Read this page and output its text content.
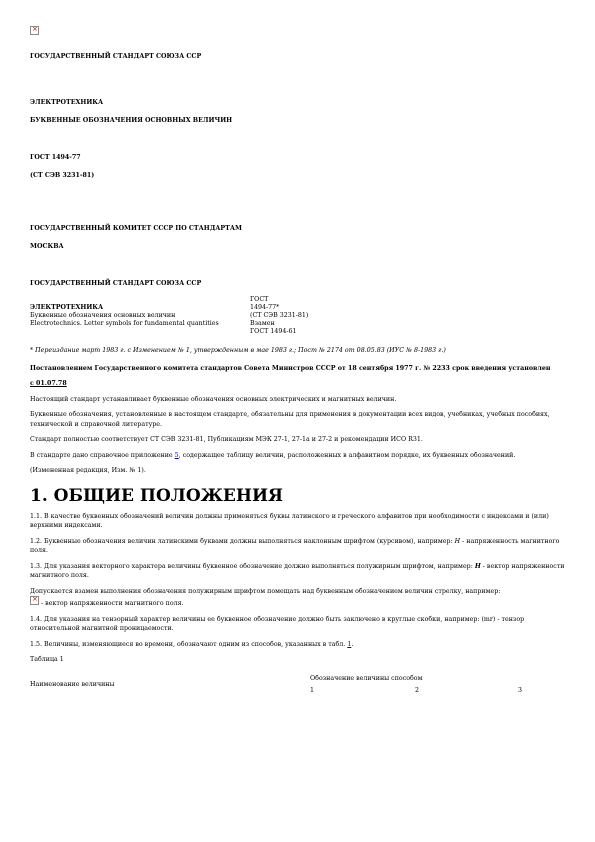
×

ГОСУДАРСТВЕННЫЙ СТАНДАРТ СОЮЗА ССР

ЭЛЕКТРОТЕХНИКА

БУКВЕННЫЕ ОБОЗНАЧЕНИЯ ОСНОВНЫХ ВЕЛИЧИН

ГОСТ 1494-77

(СТ СЭВ 3231-81)

ГОСУДАРСТВЕННЫЙ КОМИТЕТ СССР ПО СТАНДАРТАМ

МОСКВА

ГОСУДАРСТВЕННЫЙ СТАНДАРТ СОЮЗА ССР

	ГОСТ
ЭЛЕКТРОТЕХНИКА	1494-77*
Буквенные обозначения основных величин	(СТ СЭВ 3231-81)
Electrotechnics. Letter symbols for fundamental quantities	Взамен
	ГОСТ 1494-61

* Переиздание март 1983 г. с Изменением № 1, утвержденным в мае 1983 г.; Пост № 2174 от 08.05.83 (ИУС № 8-1983 г.)

Постановлением Государственного комитета стандартов Совета Министров СССР от 18 сентября 1977 г. № 2233 срок введения установлен

с 01.07.78

Настоящий стандарт устанавливает буквенные обозначения основных электрических и магнитных величин.

Буквенные обозначения, установленные в настоящем стандарте, обязательны для применения в документации всех видов, учебниках, учебных пособиях, технической и справочной литературе.

Стандарт полностью соответствует СТ СЭВ 3231-81, Публикациям МЭК 27-1, 27-1а и 27-2 и рекомендации ИСО R31.

В стандарте дано справочное приложение 5, содержащее таблицу величин, расположенных в алфавитном порядке, их буквенных обозначений.

(Измененная редакция, Изм. № 1).

1. ОБЩИЕ ПОЛОЖЕНИЯ

1.1. В качестве буквенных обозначений величин должны применяться буквы латинского и греческого алфавитов при необходимости с индексами и (или) верхними индексами.

1.2. Буквенные обозначения величин латинскими буквами должны выполняться наклонным шрифтом (курсивом), например: H - напряженность магнитного поля.

1.3. Для указания векторного характера величины буквенное обозначение должно выполняться полужирным шрифтом, например: H - вектор напряженности магнитного поля.

Допускается взамен выполнения обозначения полужирным шрифтом помещать над буквенным обозначением величин стрелку, например:

× - вектор напряженности магнитного поля.

1.4. Для указания на тензорный характер величины ее буквенное обозначение должно быть заключено в круглые скобки, например: (mr) - тензор относительной магнитной проницаемости.

1.5. Величины, изменяющиеся во времени, обозначают одним из способов, указанных в табл. 1.

Таблица 1

Обозначение величины способом
Наименование величины
1	2	3
